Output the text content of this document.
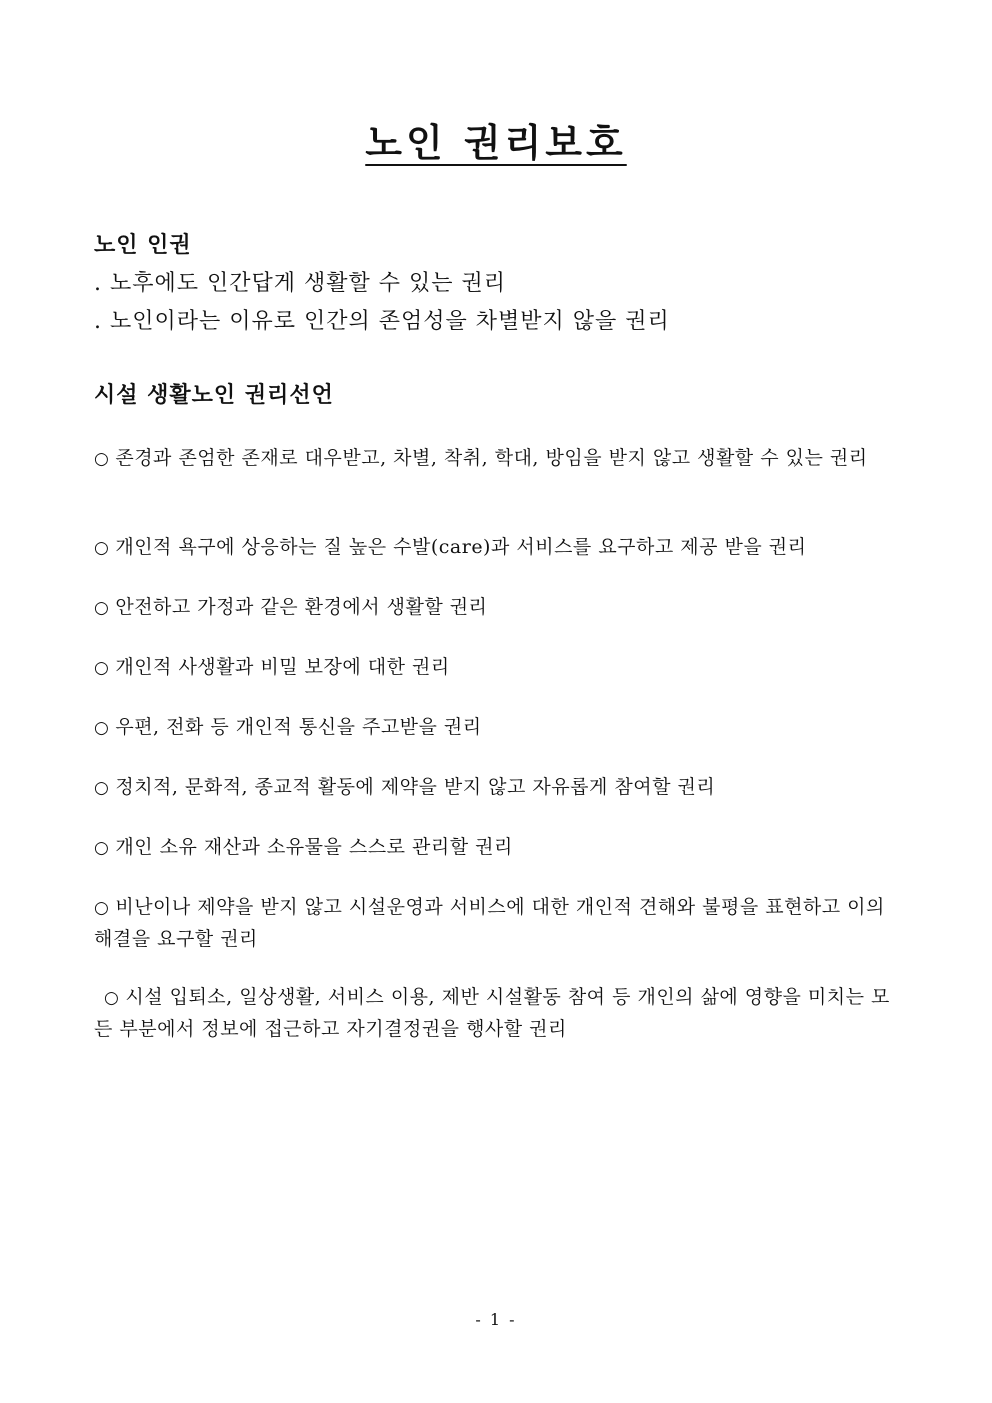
노인 권리보호
노인 인권

. 노후에도 인간답게 생활할 수 있는 권리

. 노인이라는 이유로 인간의 존엄성을 차별받지 않을 권리

시설 생활노인 권리선언

○ 존경과 존엄한 존재로 대우받고, 차별, 착취, 학대, 방임을 받지 않고 생활할 수 있는 권리

○ 개인적 욕구에 상응하는 질 높은 수발(care)과 서비스를 요구하고 제공 받을 권리

○ 안전하고 가정과 같은 환경에서 생활할 권리

○ 개인적 사생활과 비밀 보장에 대한 권리

○ 우편, 전화 등 개인적 통신을 주고받을 권리

○ 정치적, 문화적, 종교적 활동에 제약을 받지 않고 자유롭게 참여할 권리

○ 개인 소유 재산과 소유물을 스스로 관리할 권리

○ 비난이나 제약을 받지 않고 시설운영과 서비스에 대한 개인적 견해와 불평을 표현하고 이의 해결을 요구할 권리

○ 시설 입퇴소, 일상생활, 서비스 이용, 제반 시설활동 참여 등 개인의 삶에 영향을 미치는 모든 부분에서 정보에 접근하고 자기결정권을 행사할 권리

- 1 -
